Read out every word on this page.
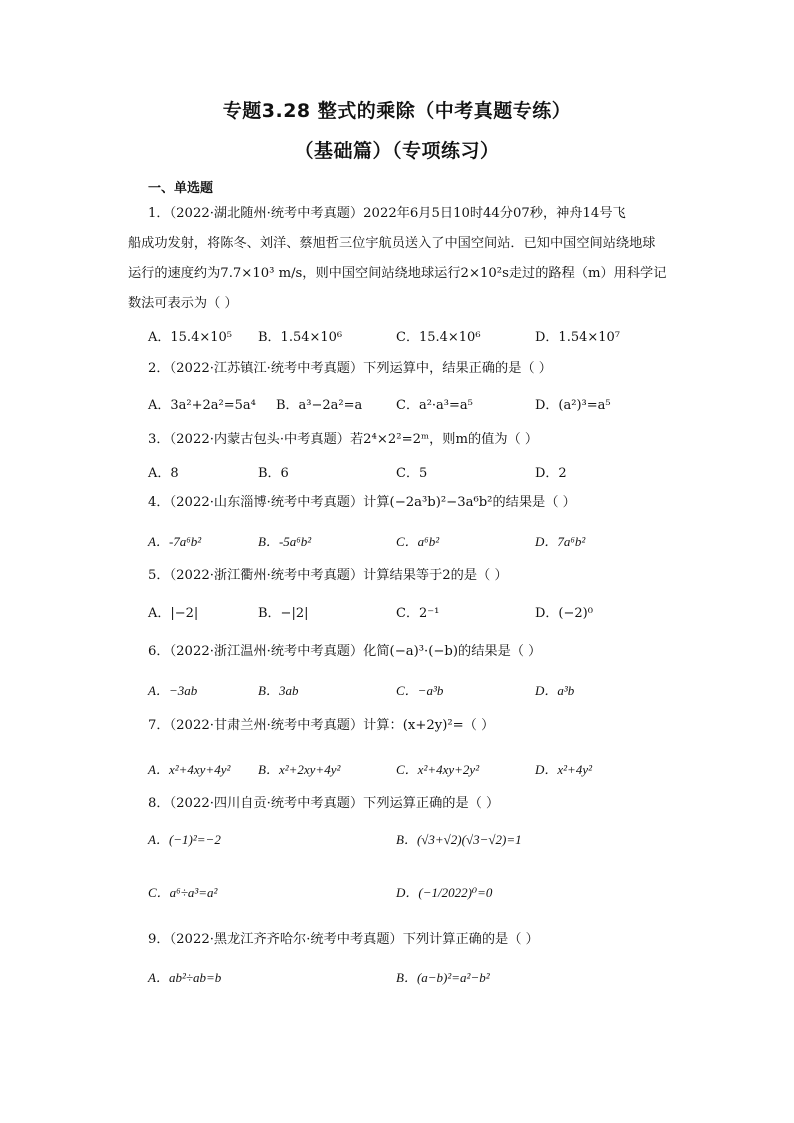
专题3.28 整式的乘除（中考真题专练）
（基础篇）（专项练习）
一、单选题
1．（2022·湖北随州·统考中考真题）2022年6月5日10时44分07秒，神舟14号飞
船成功发射，将陈冬、刘洋、蔡旭哲三位宇航员送入了中国空间站．已知中国空间站绕地球
运行的速度约为7.7×10³ m/s，则中国空间站绕地球运行2×10²s走过的路程（m）用科学记
数法可表示为（ ）
A．15.4×10⁵ B．1.54×10⁶	C．15.4×10⁶	D．1.54×10⁷
2．（2022·江苏镇江·统考中考真题）下列运算中，结果正确的是（ ）
A．3a²+2a²=5a⁴ B．a³−2a²=a	C．a²·a³=a⁵	D．(a²)³=a⁵
3．（2022·内蒙古包头·中考真题）若2⁴×2²=2ᵐ，则m的值为（ ）
A．8	B．6	C．5	D．2
4．（2022·山东淄博·统考中考真题）计算(−2a³b)²−3a⁶b²的结果是（ ）
A．-7a⁶b²	B．-5a⁶b²	C．a⁶b²	D．7a⁶b²
5．（2022·浙江衢州·统考中考真题）计算结果等于2的是（ ）
A．|−2|	B．−|2|	C．2⁻¹	D．(−2)⁰
6．（2022·浙江温州·统考中考真题）化简(−a)³·(−b)的结果是（ ）
A．−3ab	B．3ab	C．−a³b	D．a³b
7．（2022·甘肃兰州·统考中考真题）计算：(x+2y)²=（ ）
A．x²+4xy+4y² B．x²+2xy+4y²	C．x²+4xy+2y²	D．x²+4y²
8．（2022·四川自贡·统考中考真题）下列运算正确的是（ ）
A．(−1)²=−2	B．(√3+√2)(√3−√2)=1
C．a⁶÷a³=a²	D．(−1/2022)⁰=0
9．（2022·黑龙江齐齐哈尔·统考中考真题）下列计算正确的是（ ）
A．ab²÷ab=b	B．(a−b)²=a²−b²
